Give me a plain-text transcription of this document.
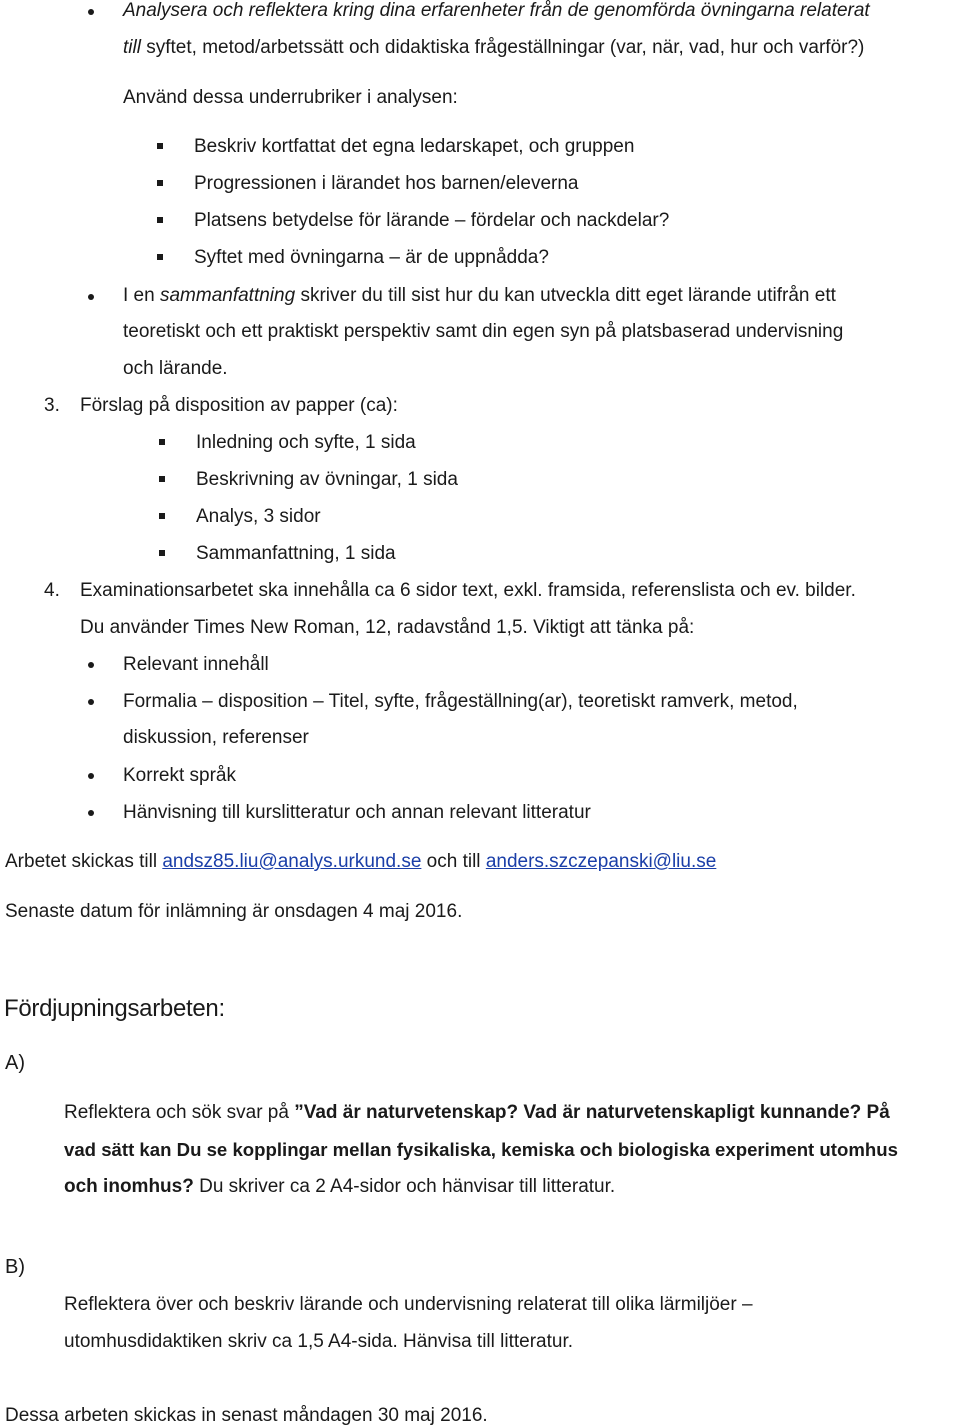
Analysera och reflektera kring dina erfarenheter från de genomförda övningarna relaterat
till syftet, metod/arbetssätt och didaktiska frågeställningar (var, när, vad, hur och varför?)
Använd dessa underrubriker i analysen:
Beskriv kortfattat det egna ledarskapet, och gruppen
Progressionen i lärandet hos barnen/eleverna
Platsens betydelse för lärande – fördelar och nackdelar?
Syftet med övningarna – är de uppnådda?
I en sammanfattning skriver du till sist hur du kan utveckla ditt eget lärande utifrån ett
teoretiskt och ett praktiskt perspektiv samt din egen syn på platsbaserad undervisning
och lärande.
3. Förslag på disposition av papper (ca):
Inledning och syfte, 1 sida
Beskrivning av övningar, 1 sida
Analys, 3 sidor
Sammanfattning, 1 sida
4. Examinationsarbetet ska innehålla ca 6 sidor text, exkl. framsida, referenslista och ev. bilder.
Du använder Times New Roman, 12, radavstånd 1,5. Viktigt att tänka på:
Relevant innehåll
Formalia – disposition – Titel, syfte, frågeställning(ar), teoretiskt ramverk, metod,
diskussion, referenser
Korrekt språk
Hänvisning till kurslitteratur och annan relevant litteratur
Arbetet skickas till andsz85.liu@analys.urkund.se och till anders.szczepanski@liu.se
Senaste datum för inlämning är onsdagen 4 maj 2016.
Fördjupningsarbeten:
A)
Reflektera och sök svar på ”Vad är naturvetenskap? Vad är naturvetenskapligt kunnande? På
vad sätt kan Du se kopplingar mellan fysikaliska, kemiska och biologiska experiment utomhus
och inomhus? Du skriver ca 2 A4-sidor och hänvisar till litteratur.
B)
Reflektera över och beskriv lärande och undervisning relaterat till olika lärmiljöer –
utomhusdidaktiken skriv ca 1,5 A4-sida. Hänvisa till litteratur.
Dessa arbeten skickas in senast måndagen 30 maj 2016.
